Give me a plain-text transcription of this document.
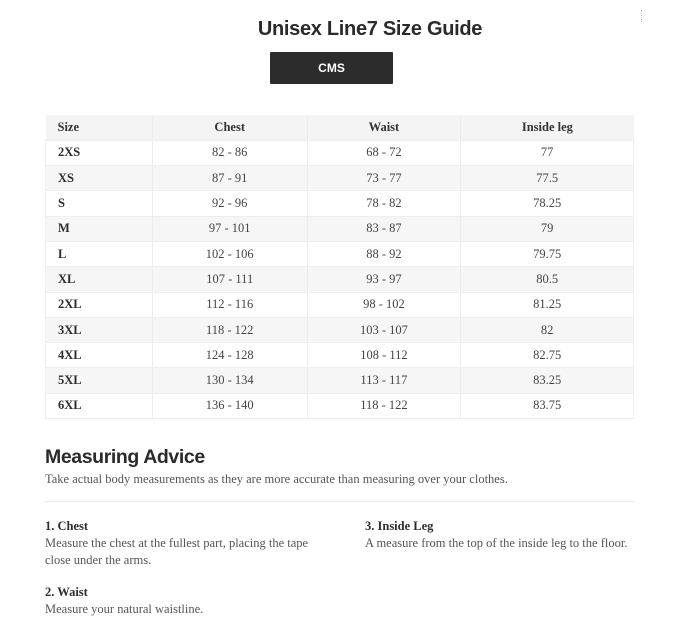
Unisex Line7 Size Guide
CMS
Size	Chest	Waist	Inside leg
2XS	82 - 86	68 - 72	77
XS	87 - 91	73 - 77	77.5
S	92 - 96	78 - 82	78.25
M	97 - 101	83 - 87	79
L	102 - 106	88 - 92	79.75
XL	107 - 111	93 - 97	80.5
2XL	112 - 116	98 - 102	81.25
3XL	118 - 122	103 - 107	82
4XL	124 - 128	108 - 112	82.75
5XL	130 - 134	113 - 117	83.25
6XL	136 - 140	118 - 122	83.75
Measuring Advice

Take actual body measurements as they are more accurate than measuring over your clothes.

1. Chest
Measure the chest at the fullest part, placing the tape close under the arms.
2. Waist
Measure your natural waistline.
3. Inside Leg
A measure from the top of the inside leg to the floor.
